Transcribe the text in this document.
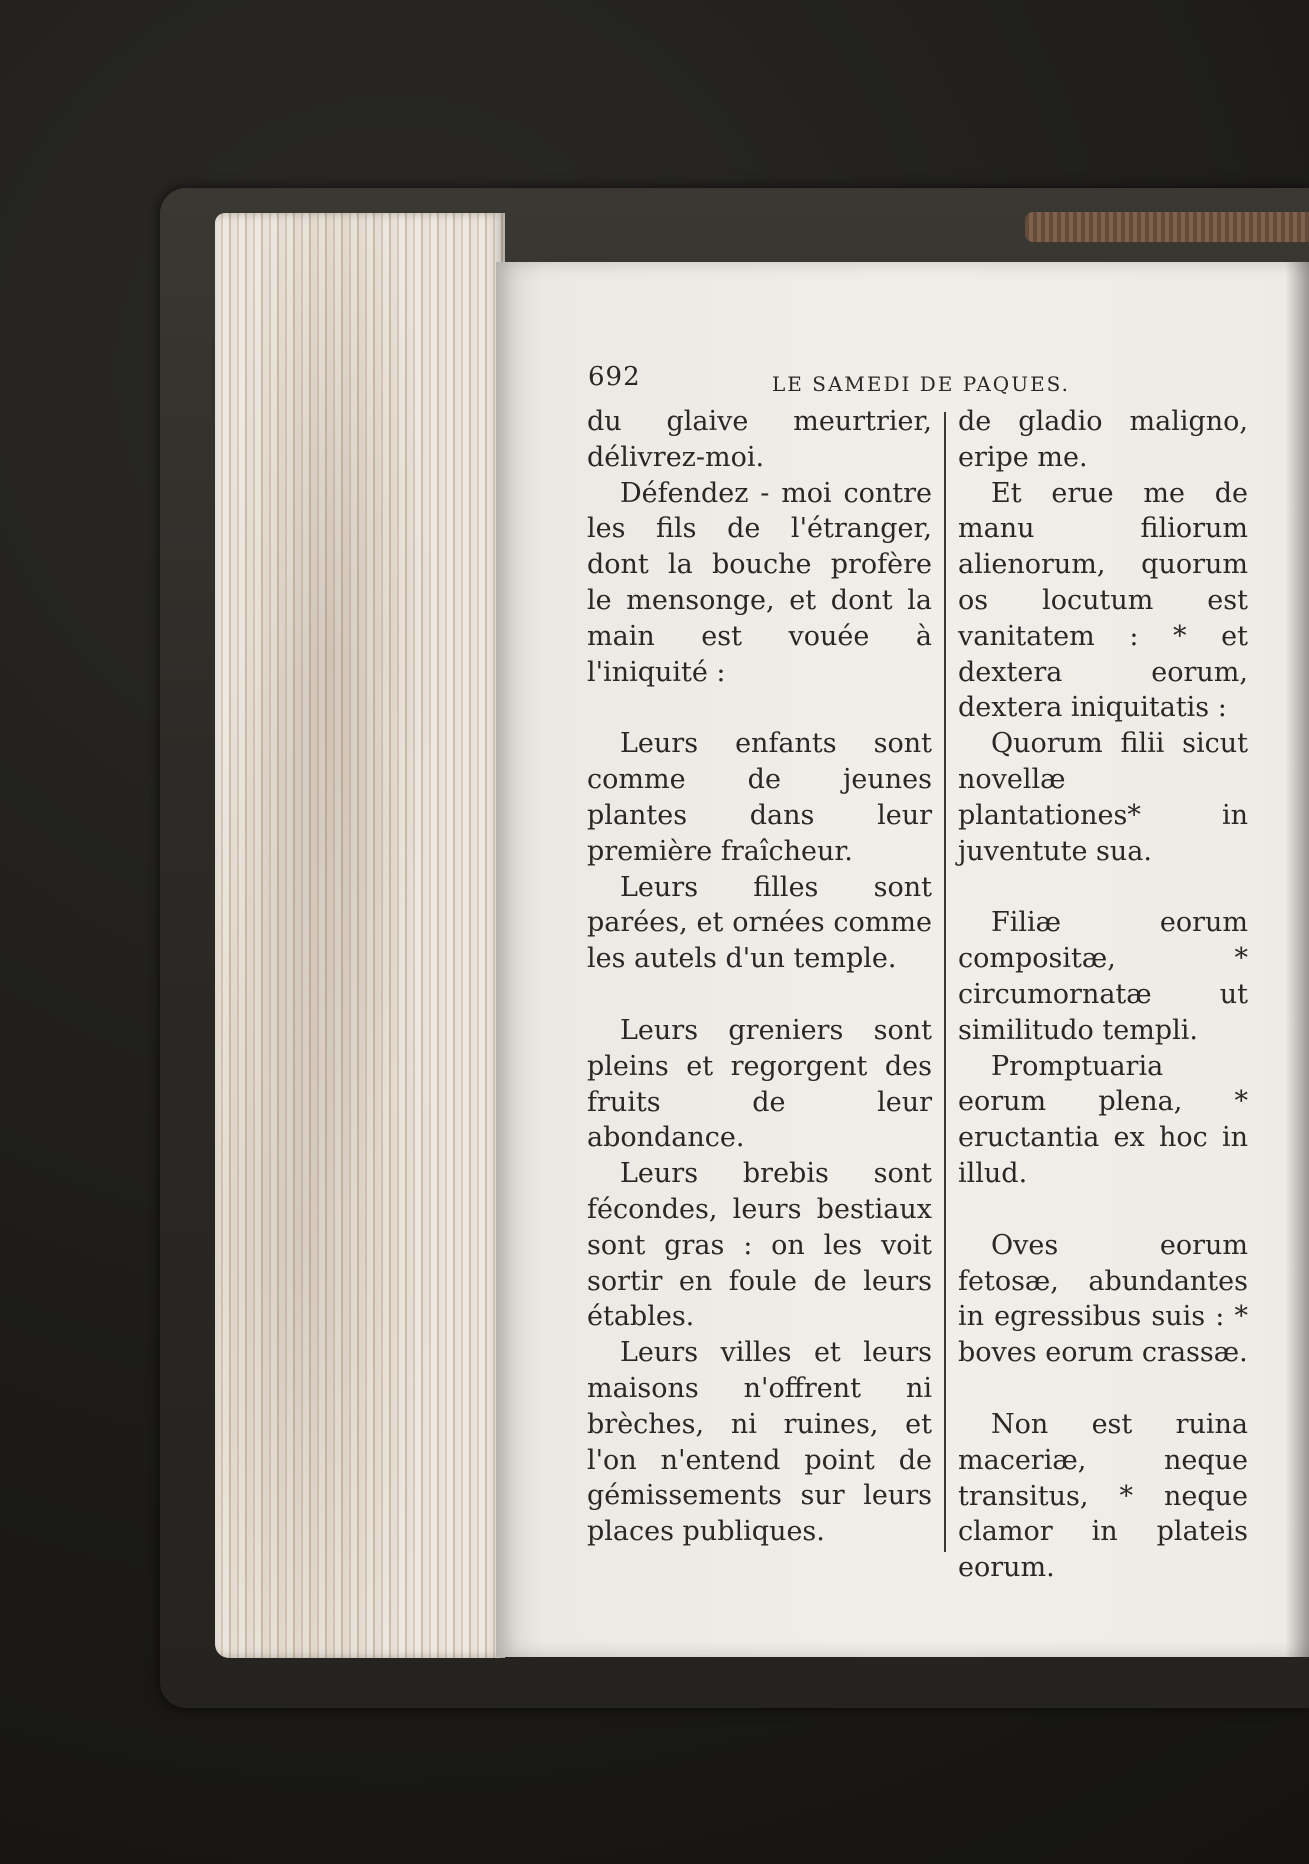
692	LE SAMEDI DE PAQUES.

du glaive meurtrier, délivrez-moi.

Défendez - moi contre les fils de l'étranger, dont la bouche profère le mensonge, et dont la main est vouée à l'iniquité :

Leurs enfants sont comme de jeunes plantes dans leur première fraîcheur.

Leurs filles sont parées, et ornées comme les autels d'un temple.

Leurs greniers sont pleins et regorgent des fruits de leur abondance.

Leurs brebis sont fécondes, leurs bestiaux sont gras : on les voit sortir en foule de leurs étables.

Leurs villes et leurs maisons n'offrent ni brèches, ni ruines, et l'on n'entend point de gémissements sur leurs places publiques.

de gladio maligno, eripe me.

Et erue me de manu filiorum alienorum, quorum os locutum est vanitatem : * et dextera eorum, dextera iniquitatis :

Quorum filii sicut novellæ plantationes* in juventute sua.

Filiæ eorum compositæ, * circumornatæ ut similitudo templi.

Promptuaria eorum plena, * eructantia ex hoc in illud.

Oves eorum fetosæ, abundantes in egressibus suis : * boves eorum crassæ.

Non est ruina maceriæ, neque transitus, * neque clamor in plateis eorum.
